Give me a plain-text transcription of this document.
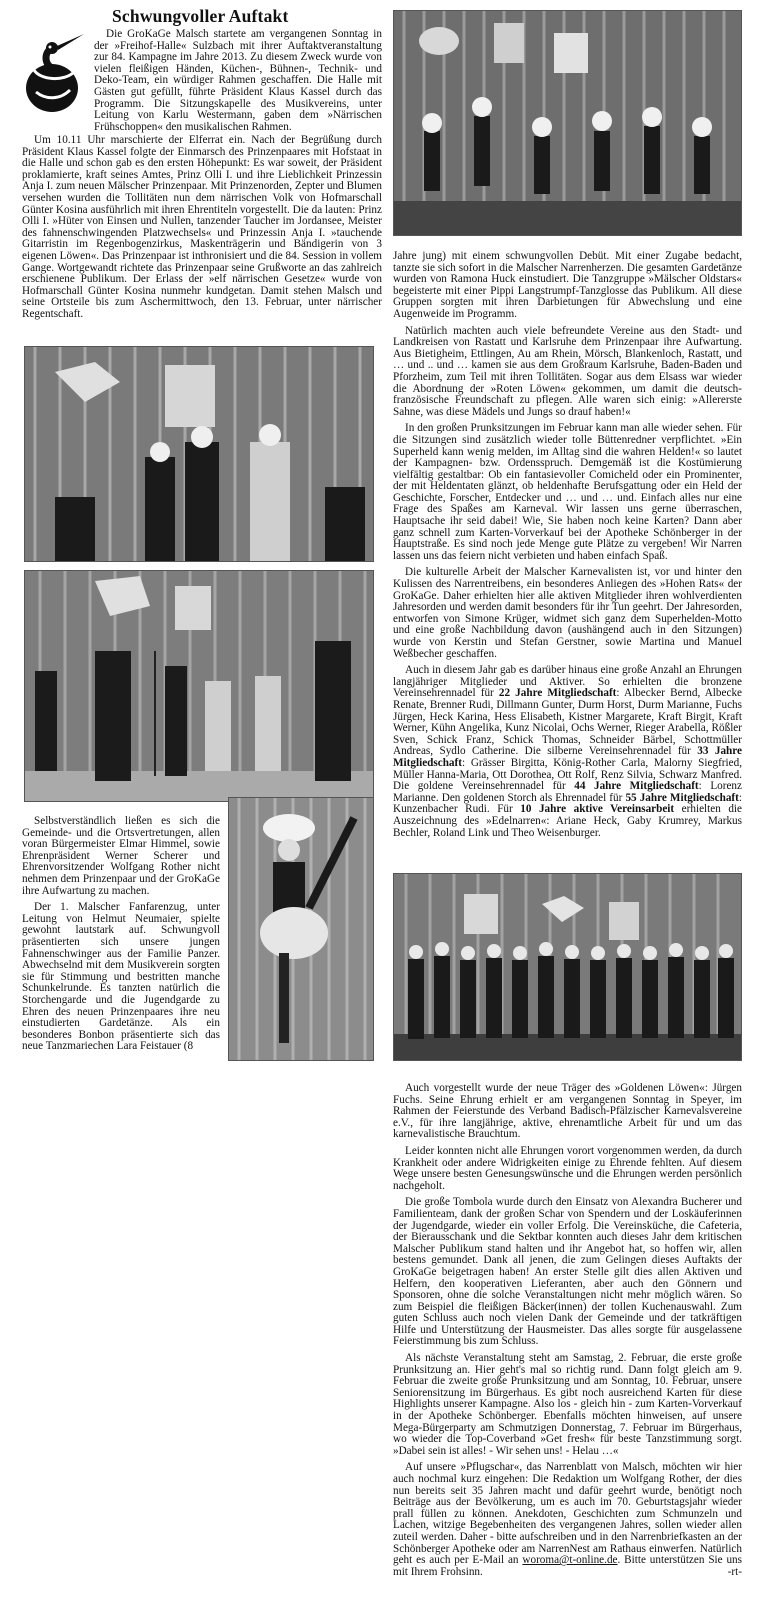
Schwungvoller Auftakt

Die GroKaGe Malsch startete am vergangenen Sonntag in der »Freihof-Halle« Sulzbach mit ihrer Auftaktveranstaltung zur 84. Kampagne im Jahre 2013. Zu diesem Zweck wurde von vielen fleißigen Händen, Küchen-, Bühnen-, Technik- und Deko-Team, ein würdiger Rahmen geschaffen. Die Halle mit Gästen gut gefüllt, führte Präsident Klaus Kassel durch das Programm. Die Sitzungskapelle des Musikvereins, unter Leitung von Karlu Westermann, gaben dem »Närrischen Frühschoppen« den musikalischen Rahmen.

Um 10.11 Uhr marschierte der Elferrat ein. Nach der Begrüßung durch Präsident Klaus Kassel folgte der Einmarsch des Prinzenpaares mit Hofstaat in die Halle und schon gab es den ersten Höhepunkt: Es war soweit, der Präsident proklamierte, kraft seines Amtes, Prinz Olli I. und ihre Lieblichkeit Prinzessin Anja I. zum neuen Mälscher Prinzenpaar. Mit Prinzenorden, Zepter und Blumen versehen wurden die Tollitäten nun dem närrischen Volk von Hofmarschall Günter Kosina ausführlich mit ihren Ehrentiteln vorgestellt. Die da lauten: Prinz Olli I. »Hüter von Einsen und Nullen, tanzender Taucher im Jordansee, Meister des fahnenschwingenden Platzwechsels« und Prinzessin Anja I. »tauchende Gitarristin im Regenbogenzirkus, Maskenträgerin und Bändigerin von 3 eigenen Löwen«. Das Prinzenpaar ist inthronisiert und die 84. Session in vollem Gange. Wortgewandt richtete das Prinzenpaar seine Grußworte an das zahlreich erschienene Publikum. Der Erlass der »elf närrischen Gesetze« wurde von Hofmarschall Günter Kosina nunmehr kundgetan. Damit stehen Malsch und seine Ortsteile bis zum Aschermittwoch, den 13. Februar, unter närrischer Regentschaft.

Selbstverständlich ließen es sich die Gemeinde- und die Ortsvertretungen, allen voran Bürgermeister Elmar Himmel, sowie Ehrenpräsident Werner Scherer und Ehrenvorsitzender Wolfgang Rother nicht nehmen dem Prinzenpaar und der GroKaGe ihre Aufwartung zu machen.

Der 1. Malscher Fanfarenzug, unter Leitung von Helmut Neumaier, spielte gewohnt lautstark auf. Schwungvoll präsentierten sich unsere jungen Fahnenschwinger aus der Familie Panzer. Abwechselnd mit dem Musikverein sorgten sie für Stimmung und bestritten manche Schunkelrunde. Es tanzten natürlich die Storchengarde und die Jugendgarde zu Ehren des neuen Prinzenpaares ihre neu einstudierten Gardetänze. Als ein besonderes Bonbon präsentierte sich das neue Tanzmariechen Lara Feistauer (8

Jahre jung) mit einem schwungvollen Debüt. Mit einer Zugabe bedacht, tanzte sie sich sofort in die Malscher Narrenherzen. Die gesamten Gardetänze wurden von Ramona Huck einstudiert. Die Tanzgruppe »Mälscher Oldstars« begeisterte mit einer Pippi Langstrumpf-Tanzglosse das Publikum. All diese Gruppen sorgten mit ihren Darbietungen für Abwechslung und eine Augenweide im Programm.

Natürlich machten auch viele befreundete Vereine aus den Stadt- und Landkreisen von Rastatt und Karlsruhe dem Prinzenpaar ihre Aufwartung. Aus Bietigheim, Ettlingen, Au am Rhein, Mörsch, Blankenloch, Rastatt, und … und .. und … kamen sie aus dem Großraum Karlsruhe, Baden-Baden und Pforzheim, zum Teil mit ihren Tollitäten. Sogar aus dem Elsass war wieder die Abordnung der »Roten Löwen« gekommen, um damit die deutsch-französische Freundschaft zu pflegen. Alle waren sich einig: »Allererste Sahne, was diese Mädels und Jungs so drauf haben!«

In den großen Prunksitzungen im Februar kann man alle wieder sehen. Für die Sitzungen sind zusätzlich wieder tolle Büttenredner verpflichtet. »Ein Superheld kann wenig melden, im Alltag sind die wahren Helden!« so lautet der Kampagnen- bzw. Ordensspruch. Demgemäß ist die Kostümierung vielfältig gestaltbar: Ob ein fantasievoller Comicheld oder ein Prominenter, der mit Heldentaten glänzt, ob heldenhafte Berufsgattung oder ein Held der Geschichte, Forscher, Entdecker und … und … und. Einfach alles nur eine Frage des Spaßes am Karneval. Wir lassen uns gerne überraschen, Hauptsache ihr seid dabei! Wie, Sie haben noch keine Karten? Dann aber ganz schnell zum Karten-Vorverkauf bei der Apotheke Schönberger in der Hauptstraße. Es sind noch jede Menge gute Plätze zu vergeben! Wir Narren lassen uns das feiern nicht verbieten und haben einfach Spaß.

Die kulturelle Arbeit der Malscher Karnevalisten ist, vor und hinter den Kulissen des Narrentreibens, ein besonderes Anliegen des »Hohen Rats« der GroKaGe. Daher erhielten hier alle aktiven Mitglieder ihren wohlverdienten Jahresorden und werden damit besonders für ihr Tun geehrt. Der Jahresorden, entworfen von Simone Krüger, widmet sich ganz dem Superhelden-Motto und eine große Nachbildung davon (aushängend auch in den Sitzungen) wurde von Kerstin und Stefan Gerstner, sowie Martina und Manuel Weßbecher geschaffen.

Auch in diesem Jahr gab es darüber hinaus eine große Anzahl an Ehrungen langjähriger Mitglieder und Aktiver. So erhielten die bronzene Vereinsehrennadel für 22 Jahre Mitgliedschaft: Albecker Bernd, Albecke Renate, Brenner Rudi, Dillmann Gunter, Durm Horst, Durm Marianne, Fuchs Jürgen, Heck Karina, Hess Elisabeth, Kistner Margarete, Kraft Birgit, Kraft Werner, Kühn Angelika, Kunz Nicolai, Ochs Werner, Rieger Arabella, Rößler Sven, Schick Franz, Schick Thomas, Schneider Bärbel, Schottmüller Andreas, Sydlo Catherine. Die silberne Vereinsehrennadel für 33 Jahre Mitgliedschaft: Grässer Birgitta, König-Rother Carla, Malorny Siegfried, Müller Hanna-Maria, Ott Dorothea, Ott Rolf, Renz Silvia, Schwarz Manfred. Die goldene Vereinsehrennadel für 44 Jahre Mitgliedschaft: Lorenz Marianne. Den goldenen Storch als Ehrennadel für 55 Jahre Mitgliedschaft: Kunzenbacher Rudi. Für 10 Jahre aktive Vereinsarbeit erhielten die Auszeichnung des »Edelnarren«: Ariane Heck, Gaby Krumrey, Markus Bechler, Roland Link und Theo Weisenburger.

Auch vorgestellt wurde der neue Träger des »Goldenen Löwen«: Jürgen Fuchs. Seine Ehrung erhielt er am vergangenen Sonntag in Speyer, im Rahmen der Feierstunde des Verband Badisch-Pfälzischer Karnevalsvereine e.V., für ihre langjährige, aktive, ehrenamtliche Arbeit für und um das karnevalistische Brauchtum.

Leider konnten nicht alle Ehrungen vorort vorgenommen werden, da durch Krankheit oder andere Widrigkeiten einige zu Ehrende fehlten. Auf diesem Wege unsere besten Genesungswünsche und die Ehrungen werden persönlich nachgeholt.

Die große Tombola wurde durch den Einsatz von Alexandra Bucherer und Familienteam, dank der großen Schar von Spendern und der Loskäuferinnen der Jugendgarde, wieder ein voller Erfolg. Die Vereinsküche, die Cafeteria, der Bierausschank und die Sektbar konnten auch dieses Jahr dem kritischen Malscher Publikum stand halten und ihr Angebot hat, so hoffen wir, allen bestens gemundet. Dank all jenen, die zum Gelingen dieses Auftakts der GroKaGe beigetragen haben! An erster Stelle gilt dies allen Aktiven und Helfern, den kooperativen Lieferanten, aber auch den Gönnern und Sponsoren, ohne die solche Veranstaltungen nicht mehr möglich wären. So zum Beispiel die fleißigen Bäcker(innen) der tollen Kuchenauswahl. Zum guten Schluss auch noch vielen Dank der Gemeinde und der tatkräftigen Hilfe und Unterstützung der Hausmeister. Das alles sorgte für ausgelassene Feierstimmung bis zum Schluss.

Als nächste Veranstaltung steht am Samstag, 2. Februar, die erste große Prunksitzung an. Hier geht's mal so richtig rund. Dann folgt gleich am 9. Februar die zweite große Prunksitzung und am Sonntag, 10. Februar, unsere Seniorensitzung im Bürgerhaus. Es gibt noch ausreichend Karten für diese Highlights unserer Kampagne. Also los - gleich hin - zum Karten-Vorverkauf in der Apotheke Schönberger. Ebenfalls möchten hinweisen, auf unsere Mega-Bürgerparty am Schmutzigen Donnerstag, 7. Februar im Bürgerhaus, wo wieder die Top-Coverband »Get fresh« für beste Tanzstimmung sorgt. »Dabei sein ist alles! - Wir sehen uns! - Helau …«

Auf unsere »Pflugschar«, das Narrenblatt von Malsch, möchten wir hier auch nochmal kurz eingehen: Die Redaktion um Wolfgang Rother, der dies nun bereits seit 35 Jahren macht und dafür geehrt wurde, benötigt noch Beiträge aus der Bevölkerung, um es auch im 70. Geburtstagsjahr wieder prall füllen zu können. Anekdoten, Geschichten zum Schmunzeln und Lachen, witzige Begebenheiten des vergangenen Jahres, sollen wieder allen zuteil werden. Daher - bitte aufschreiben und in den Narrenbriefkasten an der Schönberger Apotheke oder am NarrenNest am Rathaus einwerfen. Natürlich geht es auch per E-Mail an woroma@t-online.de. Bitte unterstützen Sie uns mit Ihrem Frohsinn.	-rt-
